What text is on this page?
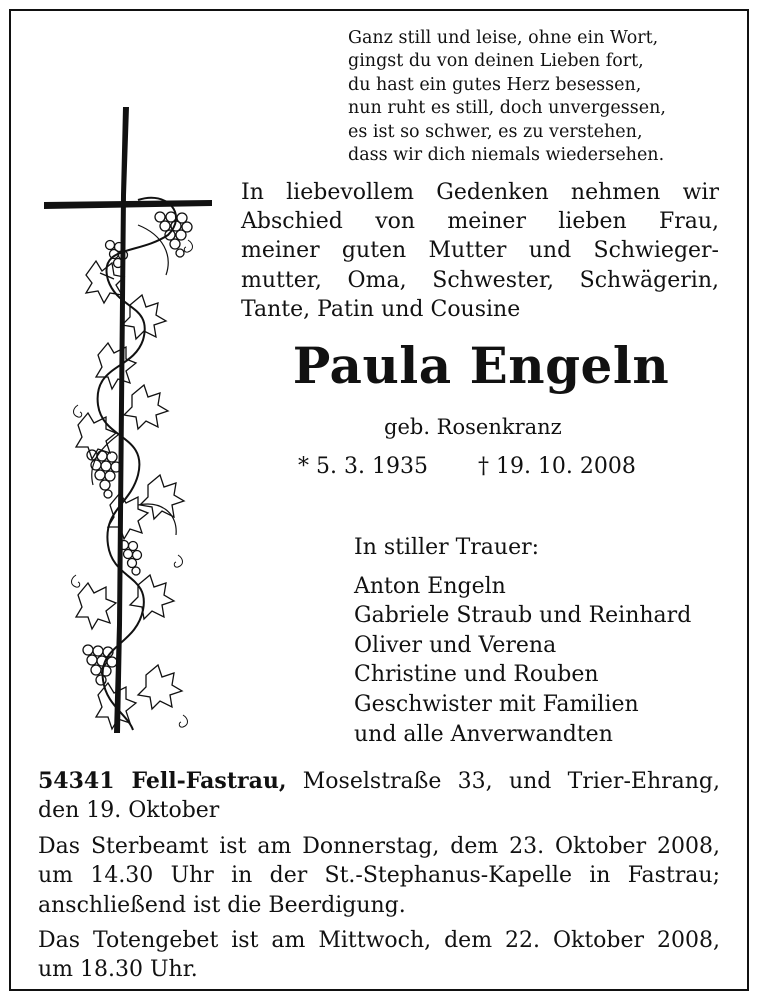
Ganz still und leise, ohne ein Wort,
gingst du von deinen Lieben fort,
du hast ein gutes Herz besessen,
nun ruht es still, doch unvergessen,
es ist so schwer, es zu verstehen,
dass wir dich niemals wiedersehen.
In liebevollem Gedenken nehmen wir
Abschied von meiner lieben Frau,
meiner guten Mutter und Schwieger-
mutter, Oma, Schwester, Schwägerin,
Tante, Patin und Cousine
Paula Engeln
geb. Rosenkranz
* 5. 3. 1935 † 19. 10. 2008
In stiller Trauer:
Anton Engeln
Gabriele Straub und Reinhard
Oliver und Verena
Christine und Rouben
Geschwister mit Familien
und alle Anverwandten
54341 Fell-Fastrau, Moselstraße 33, und Trier-Ehrang,
den 19. Oktober
Das Sterbeamt ist am Donnerstag, dem 23. Oktober 2008,
um 14.30 Uhr in der St.-Stephanus-Kapelle in Fastrau;
anschließend ist die Beerdigung.
Das Totengebet ist am Mittwoch, dem 22. Oktober 2008,
um 18.30 Uhr.
